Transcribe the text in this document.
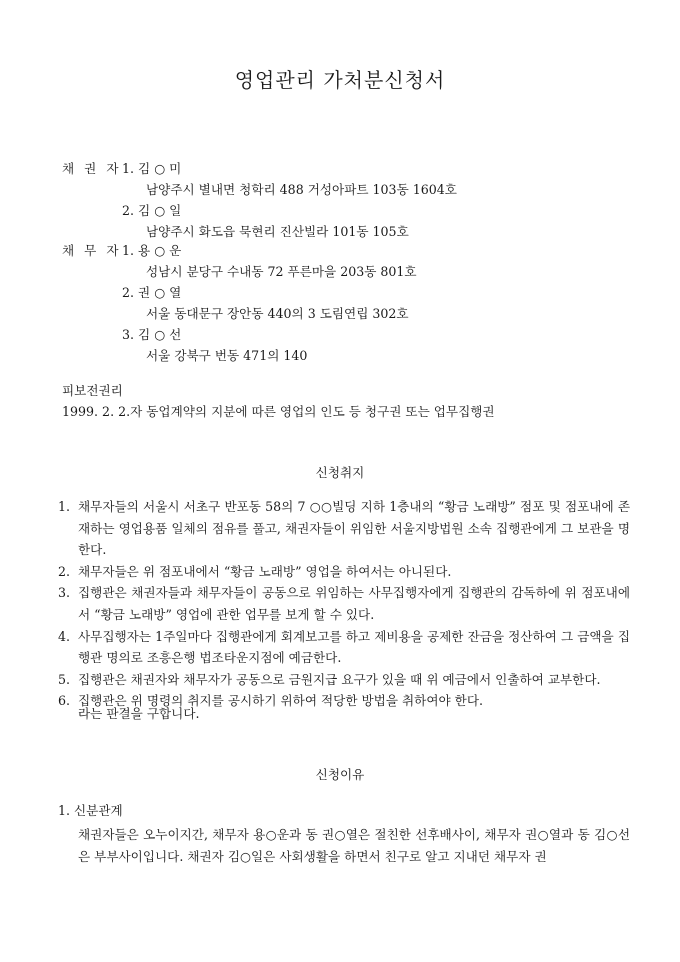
영업관리 가처분신청서
채 권 자 1. 김 ○ 미
남양주시 별내면 청학리 488 거성아파트 103동 1604호
2. 김 ○ 일
남양주시 화도읍 묵현리 진산빌라 101동 105호
채 무 자 1. 용 ○ 운
성남시 분당구 수내동 72 푸른마을 203동 801호
2. 권 ○ 열
서울 동대문구 장안동 440의 3 도림연립 302호
3. 김 ○ 선
서울 강북구 번동 471의 140
피보전권리
1999. 2. 2.자 동업계약의 지분에 따른 영업의 인도 등 청구권 또는 업무집행권
신청취지
1. 채무자들의 서울시 서초구 반포동 58의 7 ○○빌딩 지하 1층내의 “황금 노래방” 점포 및 점포내에 존재하는 영업용품 일체의 점유를 풀고, 채권자들이 위임한 서울지방법원 소속 집행관에게 그 보관을 명한다.
2. 채무자들은 위 점포내에서 “황금 노래방” 영업을 하여서는 아니된다.
3. 집행관은 채권자들과 채무자들이 공동으로 위임하는 사무집행자에게 집행관의 감독하에 위 점포내에서 “황금 노래방” 영업에 관한 업무를 보게 할 수 있다.
4. 사무집행자는 1주일마다 집행관에게 회계보고를 하고 제비용을 공제한 잔금을 정산하여 그 금액을 집행관 명의로 조흥은행 법조타운지점에 예금한다.
5. 집행관은 채권자와 채무자가 공동으로 금원지급 요구가 있을 때 위 예금에서 인출하여 교부한다.
6. 집행관은 위 명령의 취지를 공시하기 위하여 적당한 방법을 취하여야 한다.
라는 판결을 구합니다.
신청이유
1. 신분관계
채권자들은 오누이지간, 채무자 용○운과 동 권○열은 절친한 선후배사이, 채무자 권○열과 동 김○선은 부부사이입니다. 채권자 김○일은 사회생활을 하면서 친구로 알고 지내던 채무자 권
